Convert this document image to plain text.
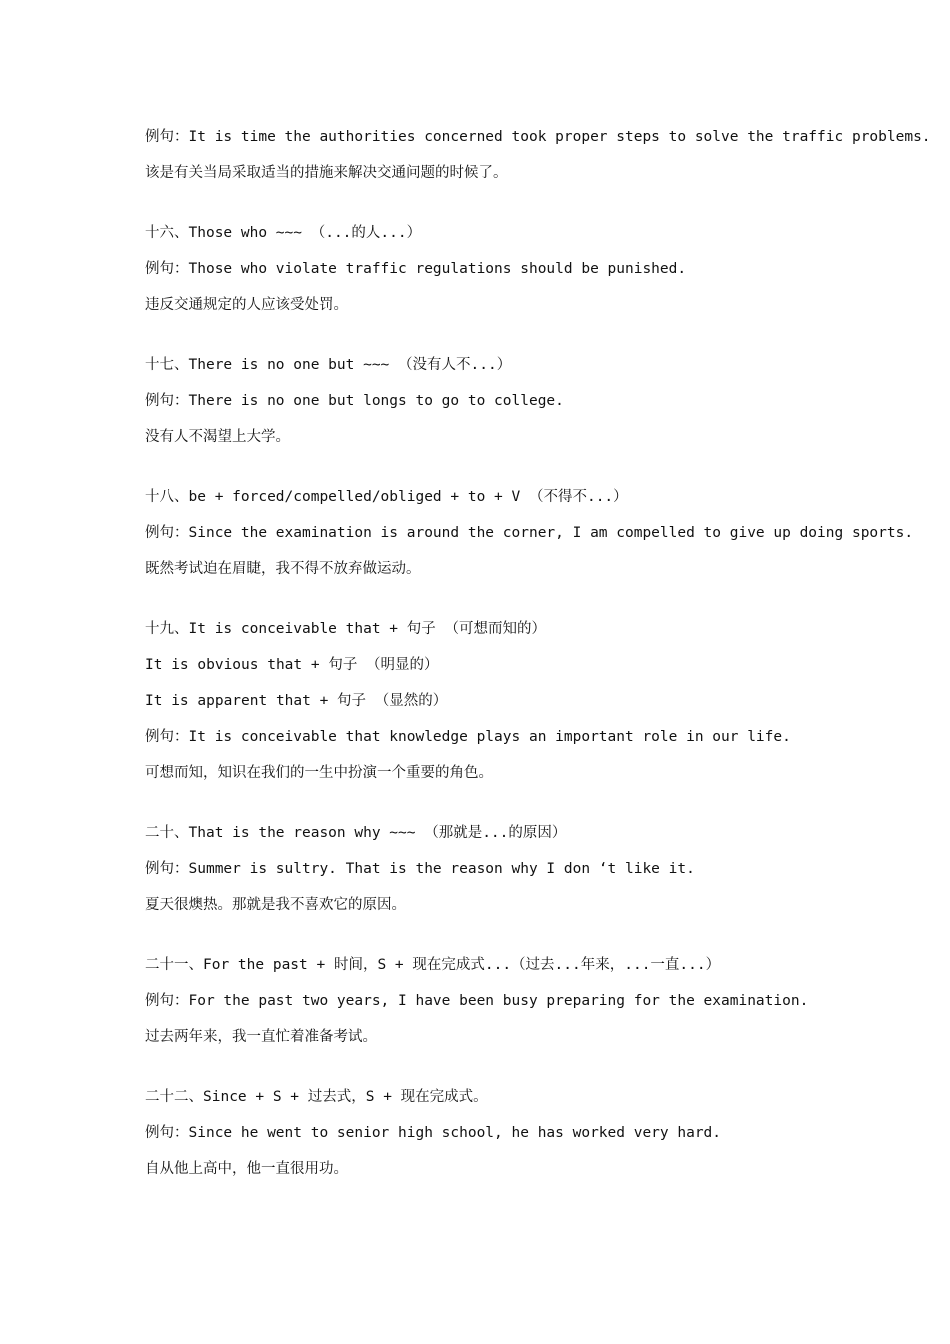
例句：It is time the authorities concerned took proper steps to solve the traffic problems.
该是有关当局采取适当的措施来解决交通问题的时候了。
十六、Those who ~~~ （...的人...）
例句：Those who violate traffic regulations should be punished.
违反交通规定的人应该受处罚。
十七、There is no one but ~~~ （没有人不...）
例句：There is no one but longs to go to college.
没有人不渴望上大学。
十八、be + forced/compelled/obliged + to + V （不得不...）
例句：Since the examination is around the corner, I am compelled to give up doing sports.
既然考试迫在眉睫，我不得不放弃做运动。
十九、It is conceivable that + 句子 （可想而知的）
It is obvious that + 句子 （明显的）
It is apparent that + 句子 （显然的）
例句：It is conceivable that knowledge plays an important role in our life.
可想而知，知识在我们的一生中扮演一个重要的角色。
二十、That is the reason why ~~~ （那就是...的原因）
例句：Summer is sultry. That is the reason why I don ‘t like it.
夏天很燠热。那就是我不喜欢它的原因。
二十一、For the past + 时间，S + 现在完成式...（过去...年来，...一直...）
例句：For the past two years, I have been busy preparing for the examination.
过去两年来，我一直忙着准备考试。
二十二、Since + S + 过去式，S + 现在完成式。
例句：Since he went to senior high school, he has worked very hard.
自从他上高中，他一直很用功。
